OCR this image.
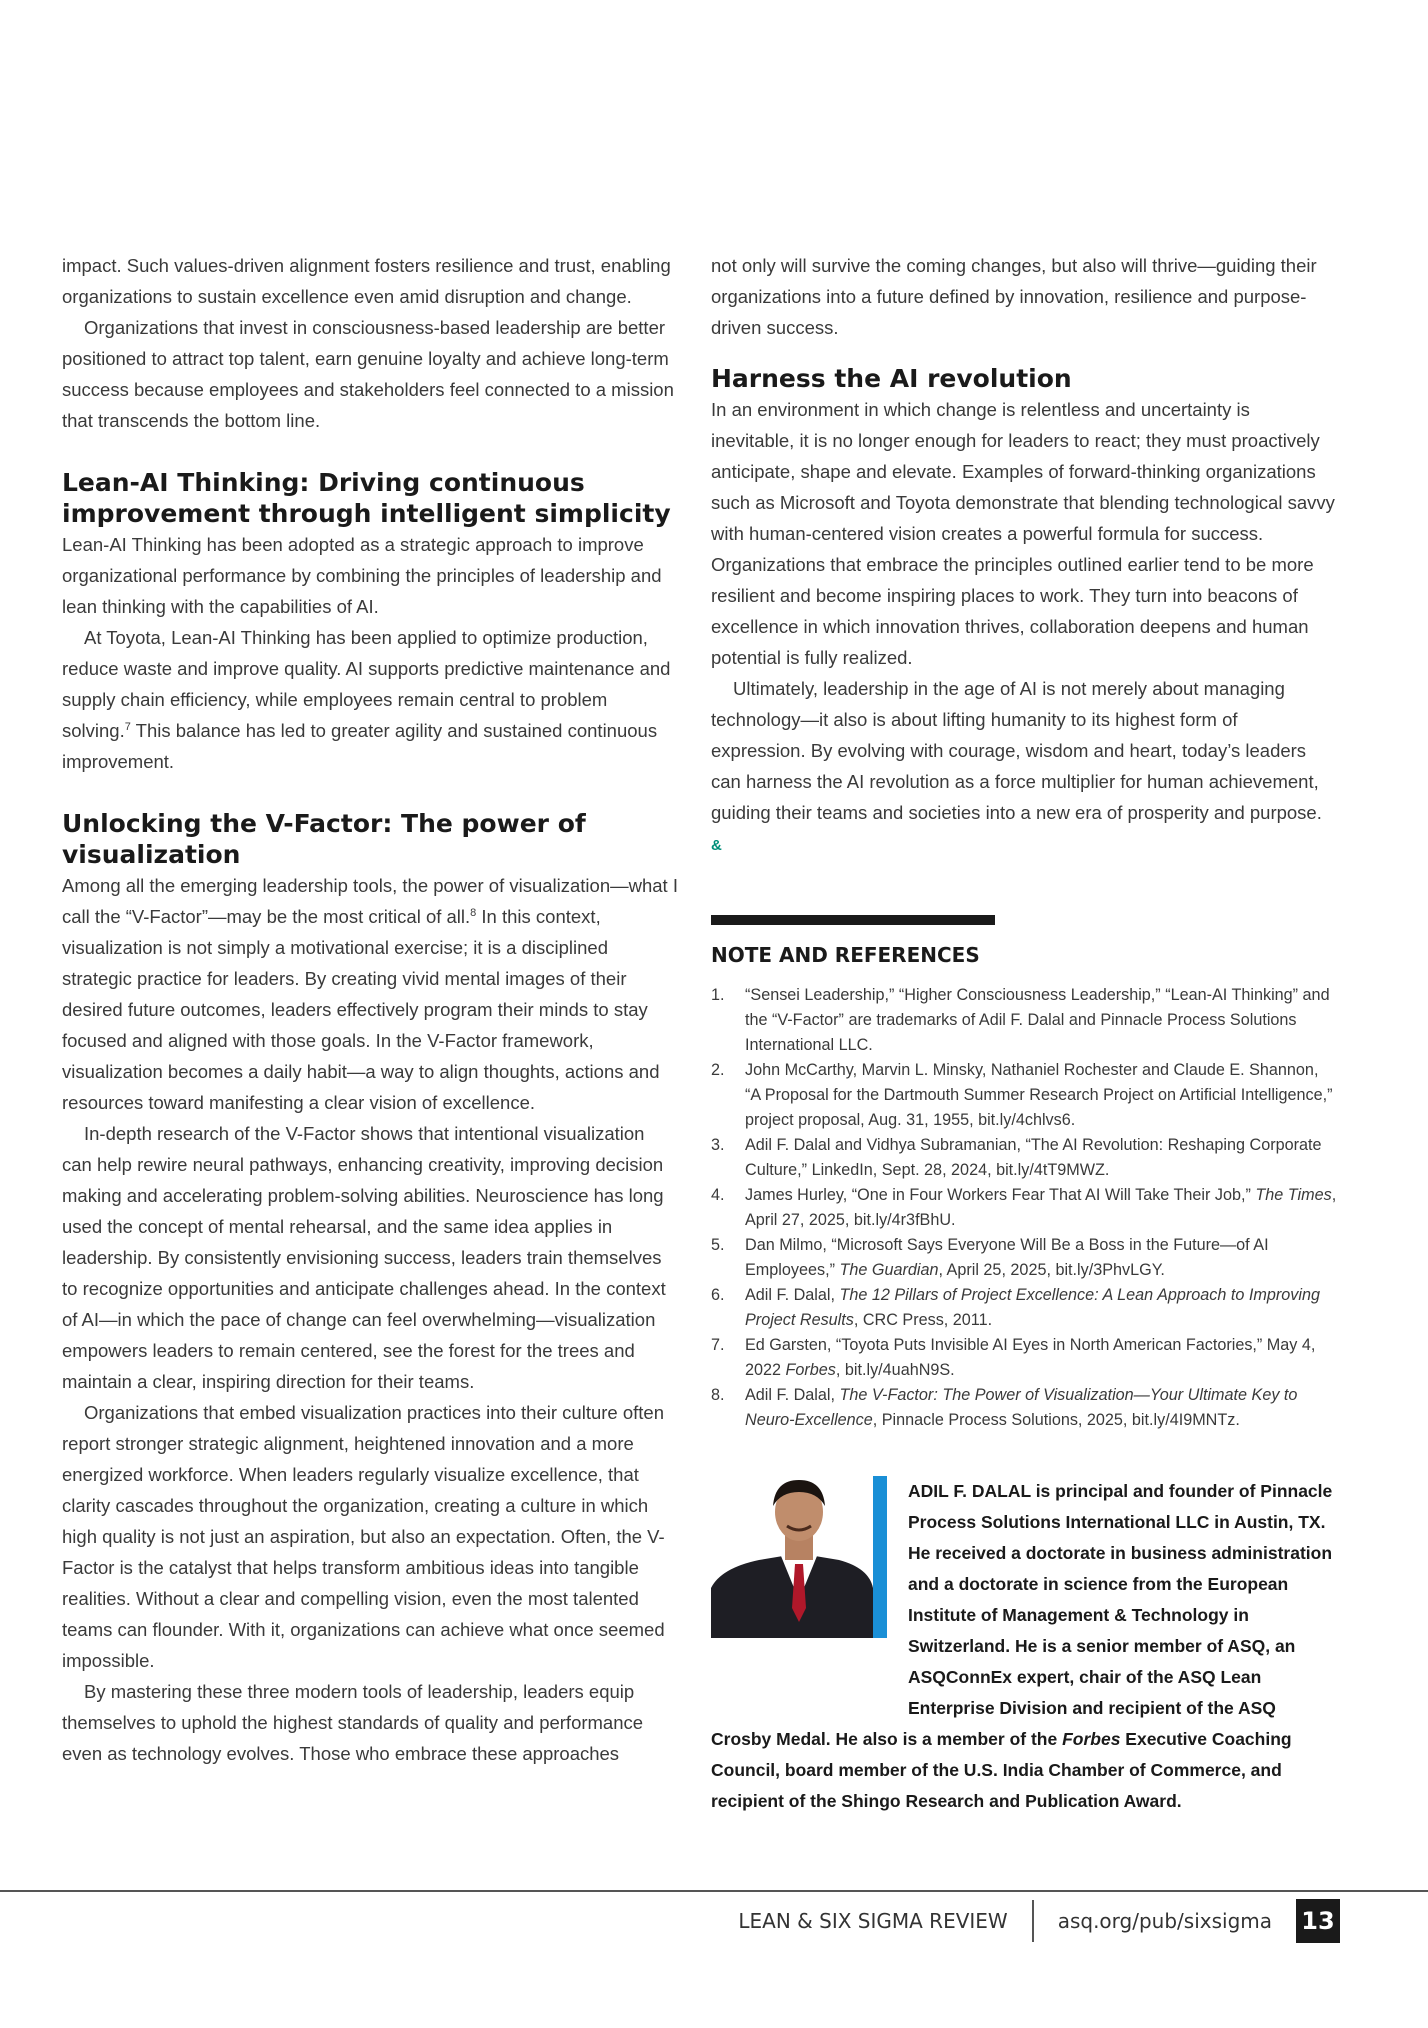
impact. Such values-driven alignment fosters resilience and trust, enabling organizations to sustain excellence even amid disruption and change.

Organizations that invest in consciousness-based leadership are better positioned to attract top talent, earn genuine loyalty and achieve long-term success because employees and stakeholders feel connected to a mission that transcends the bottom line.

Lean-AI Thinking: Driving continuous improvement through intelligent simplicity

Lean-AI Thinking has been adopted as a strategic approach to improve organizational performance by combining the principles of leadership and lean thinking with the capabilities of AI.

At Toyota, Lean-AI Thinking has been applied to optimize production, reduce waste and improve quality. AI supports predictive maintenance and supply chain efficiency, while employees remain central to problem solving.$^7$ This balance has led to greater agility and sustained continuous improvement.

Unlocking the V-Factor: The power of visualization

Among all the emerging leadership tools, the power of visualization—what I call the “V-Factor”—may be the most critical of all.$^8$ In this context, visualization is not simply a motivational exercise; it is a disciplined strategic practice for leaders. By creating vivid mental images of their desired future outcomes, leaders effectively program their minds to stay focused and aligned with those goals. In the V-Factor framework, visualization becomes a daily habit—a way to align thoughts, actions and resources toward manifesting a clear vision of excellence.

In-depth research of the V-Factor shows that intentional visualization can help rewire neural pathways, enhancing creativity, improving decision making and accelerating problem-solving abilities. Neuroscience has long used the concept of mental rehearsal, and the same idea applies in leadership. By consistently envisioning success, leaders train themselves to recognize opportunities and anticipate challenges ahead. In the context of AI—in which the pace of change can feel overwhelming—visualization empowers leaders to remain centered, see the forest for the trees and maintain a clear, inspiring direction for their teams.

Organizations that embed visualization practices into their culture often report stronger strategic alignment, heightened innovation and a more energized workforce. When leaders regularly visualize excellence, that clarity cascades throughout the organization, creating a culture in which high quality is not just an aspiration, but also an expectation. Often, the V-Factor is the catalyst that helps transform ambitious ideas into tangible realities. Without a clear and compelling vision, even the most talented teams can flounder. With it, organizations can achieve what once seemed impossible.

By mastering these three modern tools of leadership, leaders equip themselves to uphold the highest standards of quality and performance even as technology evolves. Those who embrace these approaches

not only will survive the coming changes, but also will thrive—guiding their organizations into a future defined by innovation, resilience and purpose-driven success.

Harness the AI revolution

In an environment in which change is relentless and uncertainty is inevitable, it is no longer enough for leaders to react; they must proactively anticipate, shape and elevate. Examples of forward-thinking organizations such as Microsoft and Toyota demonstrate that blending technological savvy with human-centered vision creates a powerful formula for success. Organizations that embrace the principles outlined earlier tend to be more resilient and become inspiring places to work. They turn into beacons of excellence in which innovation thrives, collaboration deepens and human potential is fully realized.

Ultimately, leadership in the age of AI is not merely about managing technology—it also is about lifting humanity to its highest form of expression. By evolving with courage, wisdom and heart, today’s leaders can harness the AI revolution as a force multiplier for human achievement, guiding their teams and societies into a new era of prosperity and purpose. &

NOTE AND REFERENCES
1. “Sensei Leadership,” “Higher Consciousness Leadership,” “Lean-AI Thinking” and the “V-Factor” are trademarks of Adil F. Dalal and Pinnacle Process Solutions International LLC.
2. John McCarthy, Marvin L. Minsky, Nathaniel Rochester and Claude E. Shannon, “A Proposal for the Dartmouth Summer Research Project on Artificial Intelligence,” project proposal, Aug. 31, 1955, bit.ly/4chlvs6.
3. Adil F. Dalal and Vidhya Subramanian, “The AI Revolution: Reshaping Corporate Culture,” LinkedIn, Sept. 28, 2024, bit.ly/4tT9MWZ.
4. James Hurley, “One in Four Workers Fear That AI Will Take Their Job,” The Times, April 27, 2025, bit.ly/4r3fBhU.
5. Dan Milmo, “Microsoft Says Everyone Will Be a Boss in the Future—of AI Employees,” The Guardian, April 25, 2025, bit.ly/3PhvLGY.
6. Adil F. Dalal, The 12 Pillars of Project Excellence: A Lean Approach to Improving Project Results, CRC Press, 2011.
7. Ed Garsten, “Toyota Puts Invisible AI Eyes in North American Factories,” May 4, 2022 Forbes, bit.ly/4uahN9S.
8. Adil F. Dalal, The V-Factor: The Power of Visualization—Your Ultimate Key to Neuro-Excellence, Pinnacle Process Solutions, 2025, bit.ly/4I9MNTz.

ADIL F. DALAL is principal and founder of Pinnacle Process Solutions International LLC in Austin, TX. He received a doctorate in business administration and a doctorate in science from the European Institute of Management & Technology in Switzerland. He is a senior member of ASQ, an ASQConnEx expert, chair of the ASQ Lean Enterprise Division and recipient of the ASQ Crosby Medal. He also is a member of the Forbes Executive Coaching Council, board member of the U.S. India Chamber of Commerce, and recipient of the Shingo Research and Publication Award.

LEAN & SIX SIGMA REVIEW	asq.org/pub/sixsigma 13
